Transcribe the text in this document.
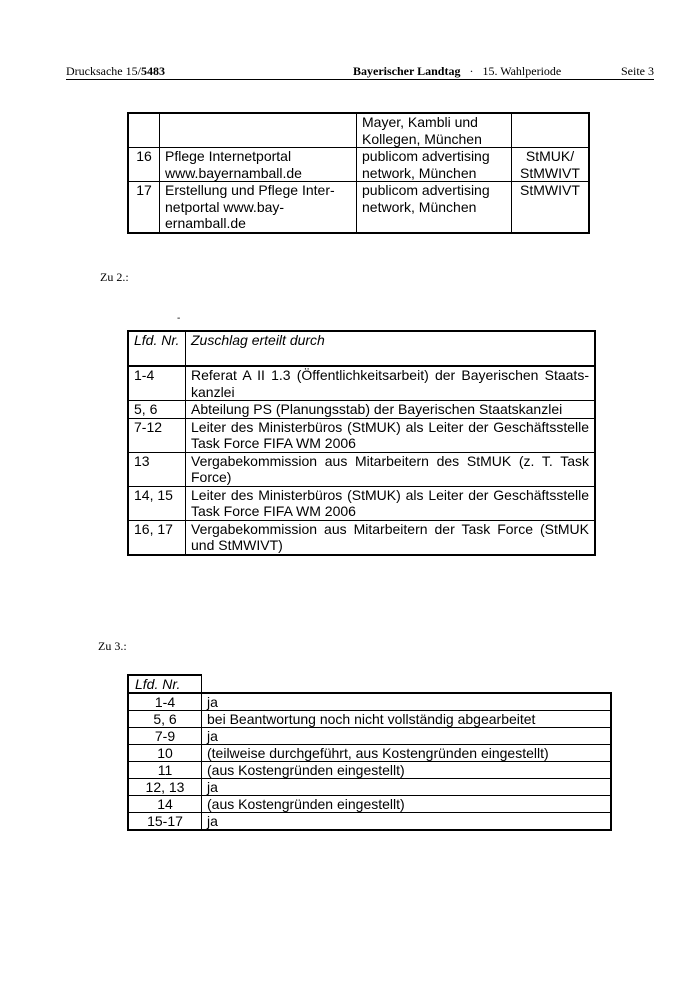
Drucksache 15/5483	Bayerischer Landtag · 15. Wahlperiode	Seite 3
		Mayer, Kambli und Kollegen, München	
16	Pflege Internetportal www.bayernamball.de	publicom advertising network, München	StMUK/ StMWIVT
17	Erstellung und Pflege Inter-netportal www.bay-ernamball.de	publicom advertising network, München	StMWIVT
Zu 2.:
-
Lfd. Nr.	Zuschlag erteilt durch
1-4	Referat A II 1.3 (Öffentlichkeitsarbeit) der Bayerischen Staats-kanzlei
5, 6	Abteilung PS (Planungsstab) der Bayerischen Staatskanzlei
7-12	Leiter des Ministerbüros (StMUK) als Leiter der Geschäftsstelle Task Force FIFA WM 2006
13	Vergabekommission aus Mitarbeitern des StMUK (z. T. Task Force)
14, 15	Leiter des Ministerbüros (StMUK) als Leiter der Geschäftsstelle Task Force FIFA WM 2006
16, 17	Vergabekommission aus Mitarbeitern der Task Force (StMUK und StMWIVT)
Zu 3.:
Lfd. Nr.	
1-4	ja
5, 6	bei Beantwortung noch nicht vollständig abgearbeitet
7-9	ja
10	(teilweise durchgeführt, aus Kostengründen eingestellt)
11	(aus Kostengründen eingestellt)
12, 13	ja
14	(aus Kostengründen eingestellt)
15-17	ja
